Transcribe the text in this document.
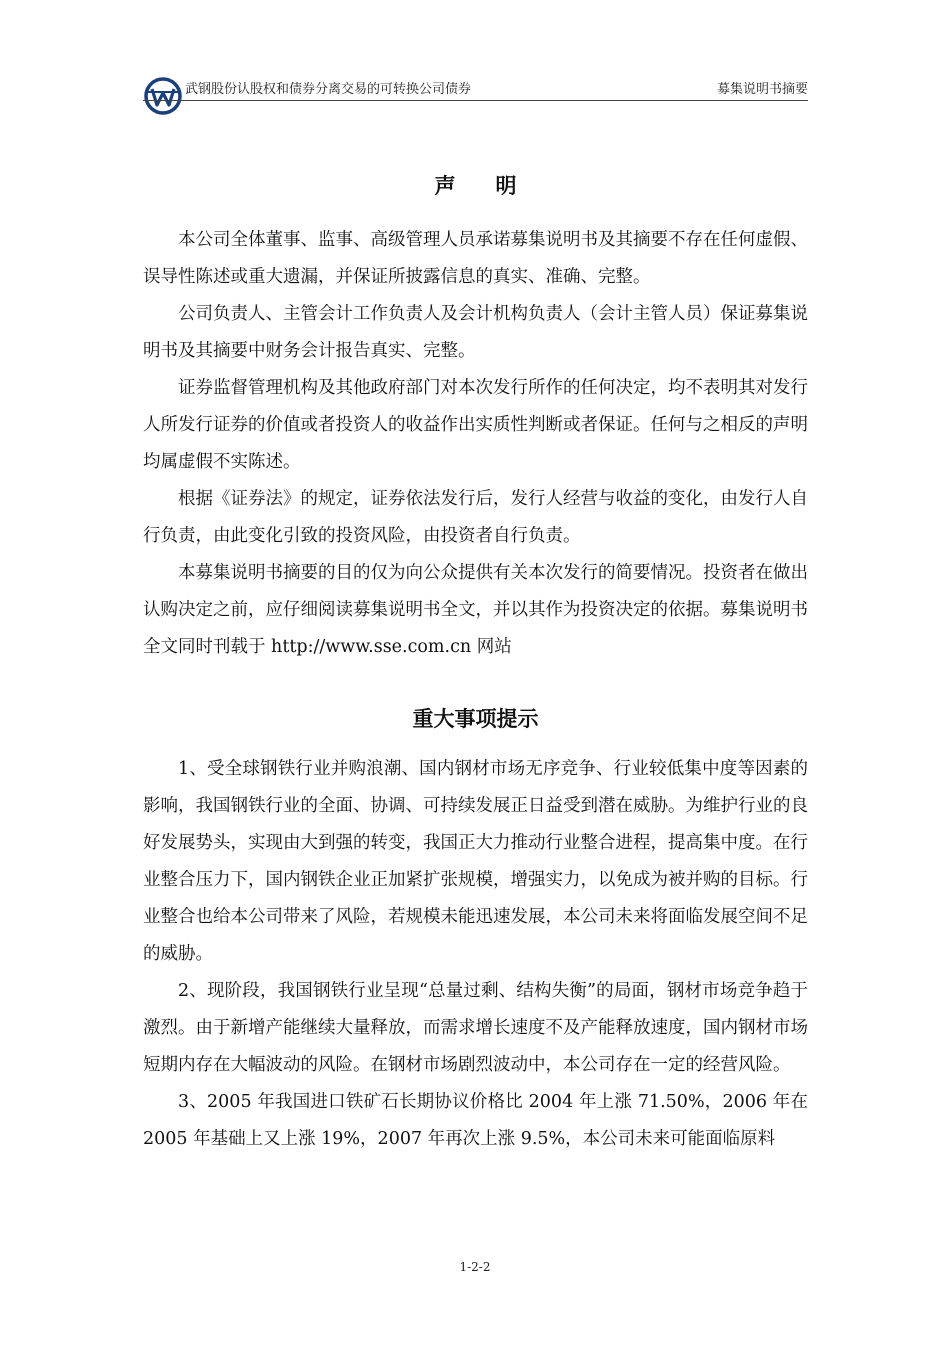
武钢股份认股权和债券分离交易的可转换公司债券	募集说明书摘要
声 明

本公司全体董事、监事、高级管理人员承诺募集说明书及其摘要不存在任何虚假、误导性陈述或重大遗漏，并保证所披露信息的真实、准确、完整。

公司负责人、主管会计工作负责人及会计机构负责人（会计主管人员）保证募集说明书及其摘要中财务会计报告真实、完整。

证券监督管理机构及其他政府部门对本次发行所作的任何决定，均不表明其对发行人所发行证券的价值或者投资人的收益作出实质性判断或者保证。任何与之相反的声明均属虚假不实陈述。

根据《证券法》的规定，证券依法发行后，发行人经营与收益的变化，由发行人自行负责，由此变化引致的投资风险，由投资者自行负责。

本募集说明书摘要的目的仅为向公众提供有关本次发行的简要情况。投资者在做出认购决定之前，应仔细阅读募集说明书全文，并以其作为投资决定的依据。募集说明书全文同时刊载于 http://www.sse.com.cn 网站

重大事项提示

1、受全球钢铁行业并购浪潮、国内钢材市场无序竞争、行业较低集中度等因素的影响，我国钢铁行业的全面、协调、可持续发展正日益受到潜在威胁。为维护行业的良好发展势头，实现由大到强的转变，我国正大力推动行业整合进程，提高集中度。在行业整合压力下，国内钢铁企业正加紧扩张规模，增强实力，以免成为被并购的目标。行业整合也给本公司带来了风险，若规模未能迅速发展，本公司未来将面临发展空间不足的威胁。

2、现阶段，我国钢铁行业呈现“总量过剩、结构失衡”的局面，钢材市场竞争趋于激烈。由于新增产能继续大量释放，而需求增长速度不及产能释放速度，国内钢材市场短期内存在大幅波动的风险。在钢材市场剧烈波动中，本公司存在一定的经营风险。

3、2005 年我国进口铁矿石长期协议价格比 2004 年上涨 71.50%，2006 年在 2005 年基础上又上涨 19%，2007 年再次上涨 9.5%，本公司未来可能面临原料

1-2-2
